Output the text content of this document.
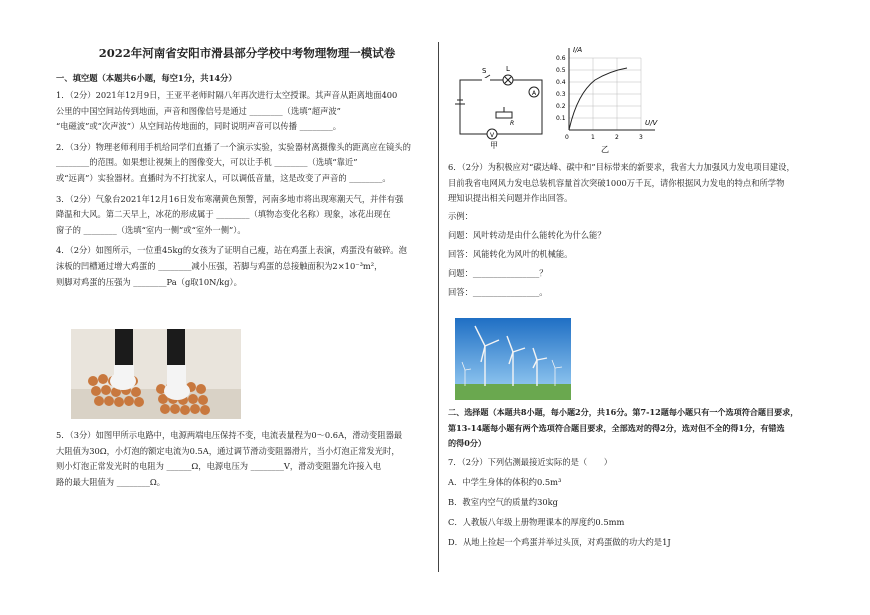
2022年河南省安阳市滑县部分学校中考物理物理一模试卷
一、填空题（本题共6小题，每空1分，共14分）

1．（2分）2021年12月9日，王亚平老师时隔八年再次进行太空授课。其声音从距离地面400

公里的中国空间站传到地面，声音和图像信号是通过 ________（选填“超声波”

“电磁波”或“次声波”）从空间站传地面的，同时说明声音可以传播 ________。

2．（3分）物理老师利用手机给同学们直播了一个演示实验，实验器材离摄像头的距离应在镜头的

________的范围。如果想让视频上的图像变大，可以让手机 ________（选填“靠近”

或“远离”）实验器材。直播时为不打扰家人，可以调低音量，这是改变了声音的 ________。

3．（2分）气象台2021年12月16日发布寒潮黄色预警，河南多地市将出现寒潮天气，并伴有强

降温和大风。第二天早上，冰花的形成属于 ________（填物态变化名称）现象，冰花出现在

窗子的 ________（选填“室内一侧”或“室外一侧”）。

4．（2分）如图所示，一位重45kg的女孩为了证明自己瘦，站在鸡蛋上表演，鸡蛋没有破碎。泡

沫板的凹槽通过增大鸡蛋的 ________减小压强，若脚与鸡蛋的总接触面积为2×10⁻³m²，

则脚对鸡蛋的压强为 ________Pa（g取10N/kg）。

5．（3分）如图甲所示电路中，电源两端电压保持不变，电流表量程为0～0.6A，滑动变阻器最

大阻值为30Ω，小灯泡的额定电流为0.5A，通过调节滑动变阻器滑片，当小灯泡正常发光时，

则小灯泡正常发光时的电阻为 ______Ω，电源电压为 ________V，滑动变阻器允许接入电

路的最大阻值为 ________Ω。

S	L
A
R
V
甲
I/A
U/V
0.6
0.5
0.4
0.3
0.2
0.1
0	1	2	3
乙

6．（2分）为积极应对“碳达峰、碳中和”目标带来的新要求，我省大力加强风力发电项目建设，

目前我省电网风力发电总装机容量首次突破1000万千瓦，请你根据风力发电的特点和所学物

理知识提出相关问题并作出回答。

示例：

问题：风叶转动是由什么能转化为什么能？

回答：风能转化为风叶的机械能。

问题：________________？

回答：________________。

二、选择题（本题共8小题，每小题2分，共16分。第7-12题每小题只有一个选项符合题目要求，
第13-14题每小题有两个选项符合题目要求，全部选对的得2分，选对但不全的得1分，有错选
的得0分）

7．（2分）下列估测最接近实际的是（　　）

A．中学生身体的体积约0.5m³

B．教室内空气的质量约30kg

C．人教版八年级上册物理课本的厚度约0.5mm

D．从地上捡起一个鸡蛋并举过头顶，对鸡蛋做的功大约是1J
